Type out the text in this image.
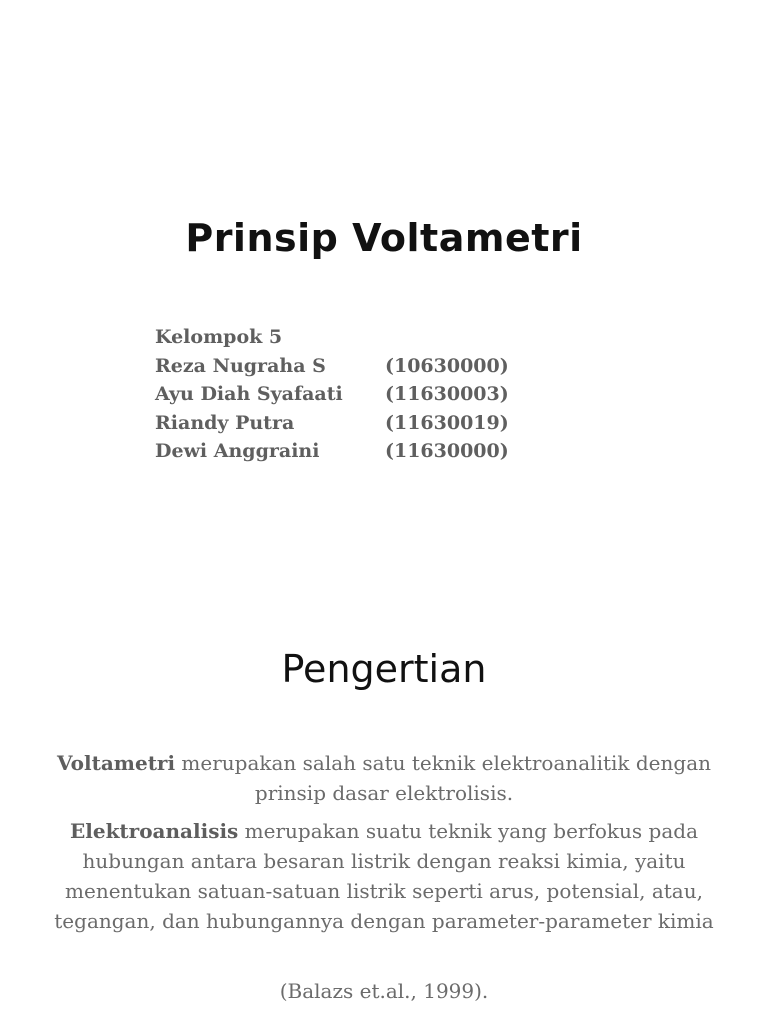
Prinsip Voltametri
Kelompok 5
Reza Nugraha S	(10630000)
Ayu Diah Syafaati	(11630003)
Riandy Putra	(11630019)
Dewi Anggraini	(11630000)
Pengertian

Voltametri merupakan salah satu teknik elektroanalitik dengan prinsip dasar elektrolisis.

Elektroanalisis merupakan suatu teknik yang berfokus pada hubungan antara besaran listrik dengan reaksi kimia, yaitu menentukan satuan-satuan listrik seperti arus, potensial, atau, tegangan, dan hubungannya dengan parameter-parameter kimia

(Balazs et.al., 1999).
